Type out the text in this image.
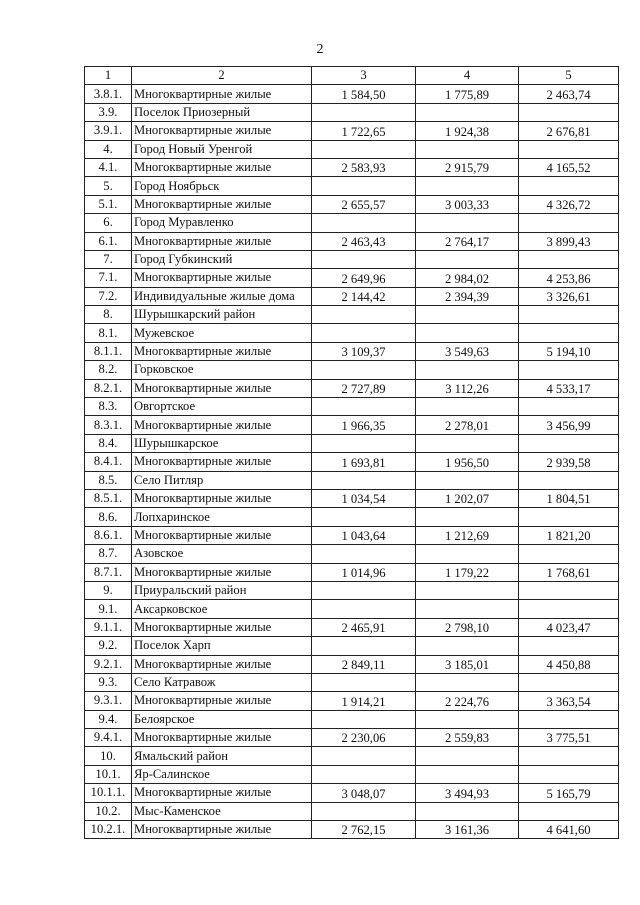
2
1	2	3	4	5
3.8.1.	Многоквартирные жилые	1 584,50	1 775,89	2 463,74
3.9.	Поселок Приозерный			
3.9.1.	Многоквартирные жилые	1 722,65	1 924,38	2 676,81
4.	Город Новый Уренгой			
4.1.	Многоквартирные жилые	2 583,93	2 915,79	4 165,52
5.	Город Ноябрьск			
5.1.	Многоквартирные жилые	2 655,57	3 003,33	4 326,72
6.	Город Муравленко			
6.1.	Многоквартирные жилые	2 463,43	2 764,17	3 899,43
7.	Город Губкинский			
7.1.	Многоквартирные жилые	2 649,96	2 984,02	4 253,86
7.2.	Индивидуальные жилые дома	2 144,42	2 394,39	3 326,61
8.	Шурышкарский район			
8.1.	Мужевское			
8.1.1.	Многоквартирные жилые	3 109,37	3 549,63	5 194,10
8.2.	Горковское			
8.2.1.	Многоквартирные жилые	2 727,89	3 112,26	4 533,17
8.3.	Овгортское			
8.3.1.	Многоквартирные жилые	1 966,35	2 278,01	3 456,99
8.4.	Шурышкарское			
8.4.1.	Многоквартирные жилые	1 693,81	1 956,50	2 939,58
8.5.	Село Питляр			
8.5.1.	Многоквартирные жилые	1 034,54	1 202,07	1 804,51
8.6.	Лопхаринское			
8.6.1.	Многоквартирные жилые	1 043,64	1 212,69	1 821,20
8.7.	Азовское			
8.7.1.	Многоквартирные жилые	1 014,96	1 179,22	1 768,61
9.	Приуральский район			
9.1.	Аксарковское			
9.1.1.	Многоквартирные жилые	2 465,91	2 798,10	4 023,47
9.2.	Поселок Харп			
9.2.1.	Многоквартирные жилые	2 849,11	3 185,01	4 450,88
9.3.	Село Катравож			
9.3.1.	Многоквартирные жилые	1 914,21	2 224,76	3 363,54
9.4.	Белоярское			
9.4.1.	Многоквартирные жилые	2 230,06	2 559,83	3 775,51
10.	Ямальский район			
10.1.	Яр-Салинское			
10.1.1.	Многоквартирные жилые	3 048,07	3 494,93	5 165,79
10.2.	Мыс-Каменское			
10.2.1.	Многоквартирные жилые	2 762,15	3 161,36	4 641,60
